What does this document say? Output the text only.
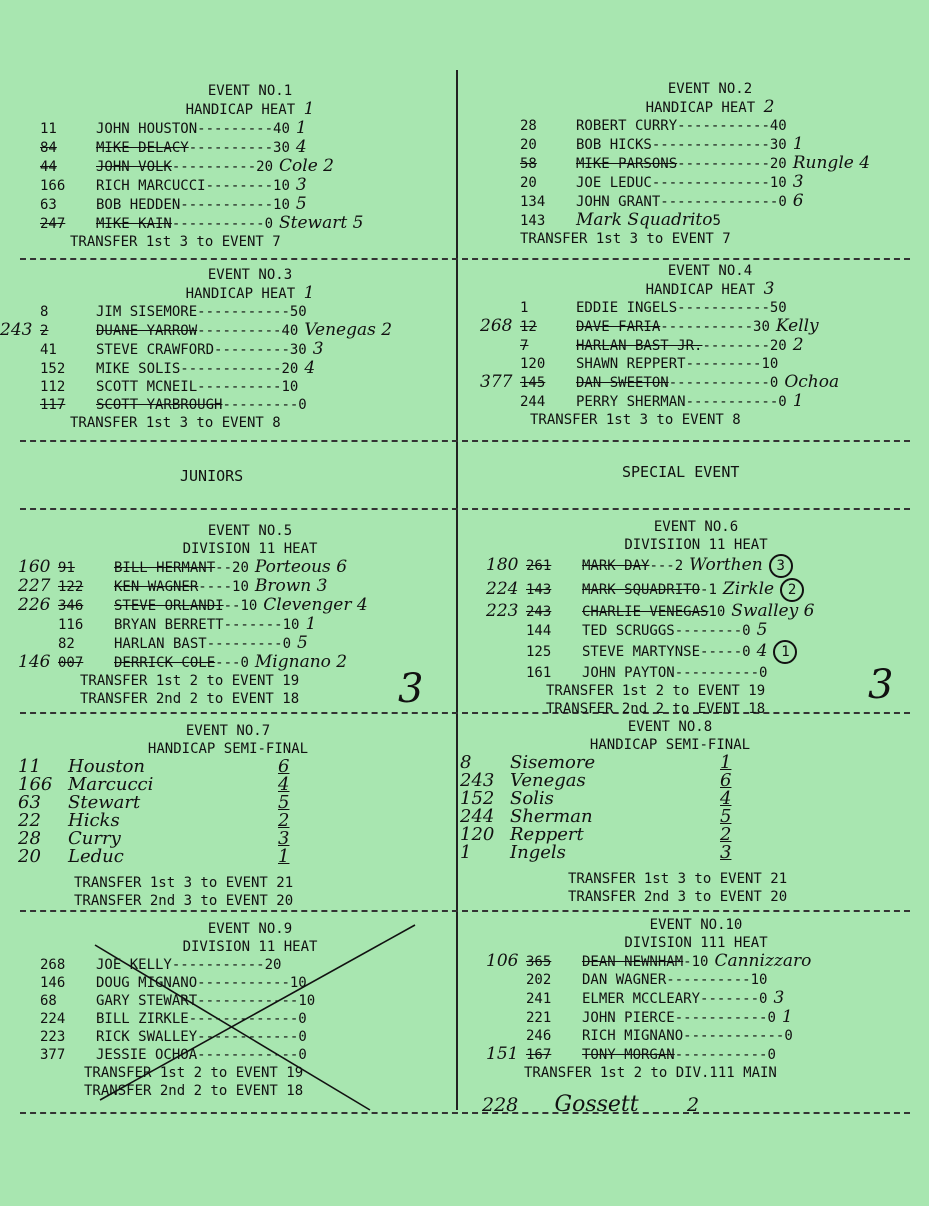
EVENT NO.1
HANDICAP HEAT 1
11	JOHN HOUSTON---------40 1
84	MIKE DELACY----------30 4
44	JOHN VOLK----------20 Cole 2
166 RICH MARCUCCI--------10 3
63	BOB HEDDEN-----------10 5
247 MIKE KAIN-----------0 Stewart 5
TRANSFER 1st 3 to EVENT 7
EVENT NO.2
HANDICAP HEAT 2
28	ROBERT CURRY-----------40
20	BOB HICKS--------------30 1
58	MIKE PARSONS-----------20 Rungle 4
20	JOE LEDUC--------------10 3
134 JOHN GRANT--------------0 6
143 Mark Squadrito5
TRANSFER 1st 3 to EVENT 7
EVENT NO.3
HANDICAP HEAT 1
8	JIM SISEMORE-----------50
243 2	DUANE YARROW----------40 Venegas 2
41	STEVE CRAWFORD---------30 3
152 MIKE SOLIS------------20 4
112 SCOTT MCNEIL----------10
117 SCOTT YARBROUGH---------0
TRANSFER 1st 3 to EVENT 8
EVENT NO.4
HANDICAP HEAT 3
1	EDDIE INGELS-----------50
268 12	DAVE FARIA-----------30 Kelly
7	HARLAN BAST JR.--------20 2
120 SHAWN REPPERT---------10
377 145 DAN SWEETON------------0 Ochoa
244 PERRY SHERMAN-----------0 1
TRANSFER 1st 3 to EVENT 8
JUNIORS	SPECIAL EVENT
EVENT NO.5
DIVISION 11 HEAT
160 91	BILL HERMANT--20 Porteous 6
227 122 KEN WAGNER----10 Brown 3
226 346 STEVE ORLANDI--10 Clevenger 4
116 BRYAN BERRETT-------10 1
82	HARLAN BAST---------0 5
146 007 DERRICK COLE---0 Mignano 2
TRANSFER 1st 2 to EVENT 19
TRANSFER 2nd 2 to EVENT 18	3
EVENT NO.6
DIVISIION 11 HEAT
180 261 MARK DAY---2 Worthen 3
224 143 MARK SQUADRITO-1 Zirkle 2
223 243 CHARLIE VENEGAS10 Swalley 6
144 TED SCRUGGS--------0 5
125 STEVE MARTYNSE-----0 4 1
161 JOHN PAYTON----------0
TRANSFER 1st 2 to EVENT 19
TRANSFER 2nd 2 to EVENT 18
3
EVENT NO.7
HANDICAP SEMI-FINAL
11 Houston	6
166 Marcucci	4
63 Stewart	5
22 Hicks	2
28 Curry	3
20 Leduc	1
TRANSFER 1st 3 to EVENT 21
TRANSFER 2nd 3 to EVENT 20
EVENT NO.8
HANDICAP SEMI-FINAL
8 Sisemore	1
243 Venegas	6
152 Solis	4
244 Sherman	5
120 Reppert	2
1 Ingels	3
TRANSFER 1st 3 to EVENT 21
TRANSFER 2nd 3 to EVENT 20
EVENT NO.9
DIVISION 11 HEAT
268 JOE KELLY-----------20
146 DOUG MIGNANO-----------10
68	GARY STEWART------------10
224 BILL ZIRKLE-------------0
223 RICK SWALLEY------------0
377 JESSIE OCHOA------------0
TRANSFER 1st 2 to EVENT 19
TRANSFER 2nd 2 to EVENT 18
EVENT NO.10
DIVISION 111 HEAT
106 365 DEAN NEWNHAM-10 Cannizzaro
202 DAN WAGNER----------10
241 ELMER MCCLEARY-------0 3
221 JOHN PIERCE-----------0 1
246 RICH MIGNANO------------0
151 167 TONY MORGAN-----------0
TRANSFER 1st 2 to DIV.111 MAIN
228 Gossett	2
